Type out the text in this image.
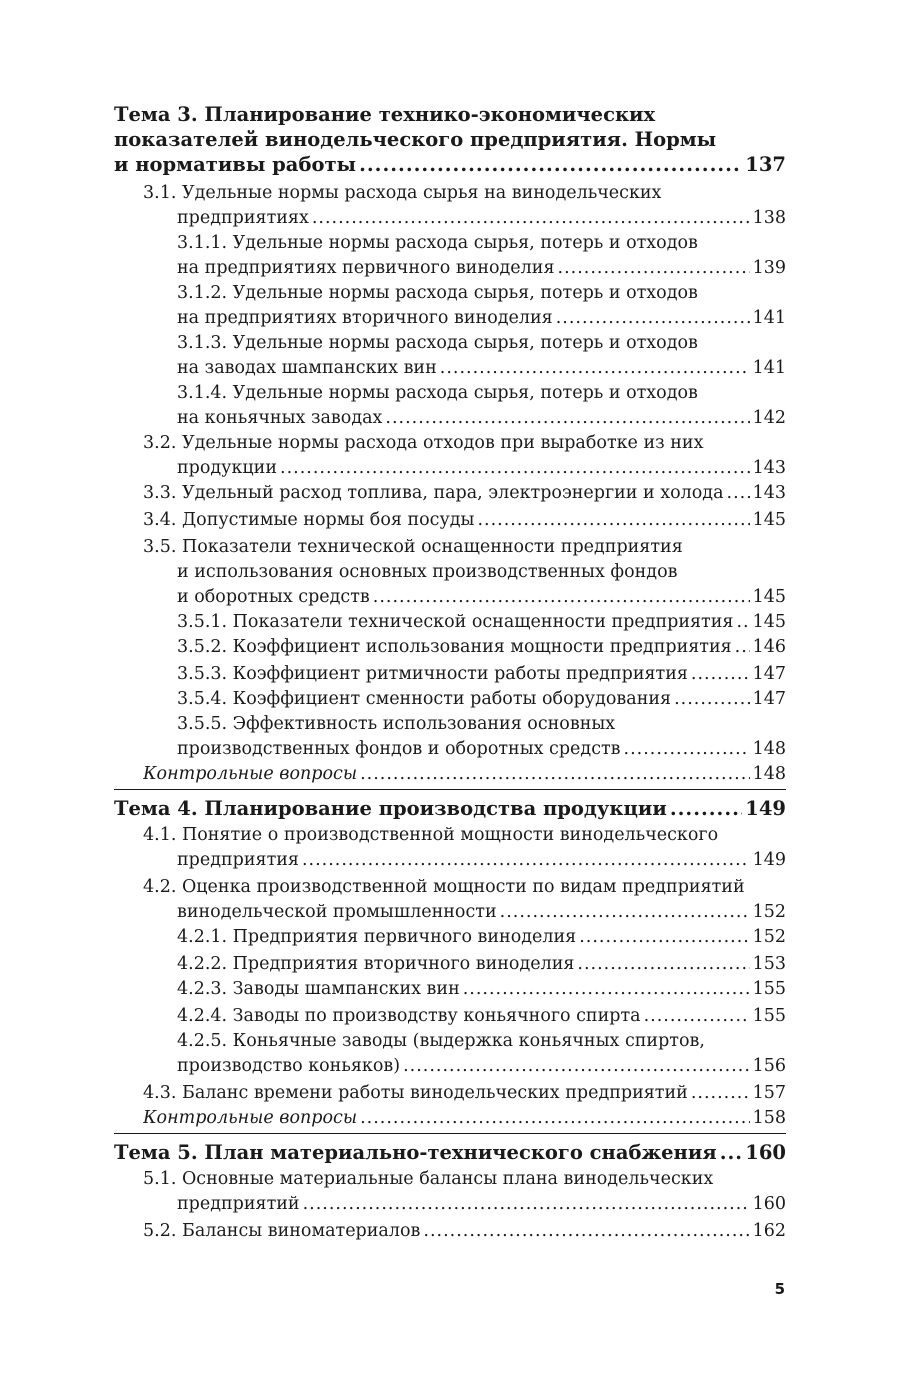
Тема 3. Планирование технико-экономических
показателей винодельческого предприятия. Нормы
и нормативы работы .....	137
3.1. Удельные нормы расхода сырья на винодельческих
предприятиях .....	138
3.1.1. Удельные нормы расхода сырья, потерь и отходов
на предприятиях первичного виноделия .....	139
3.1.2. Удельные нормы расхода сырья, потерь и отходов
на предприятиях вторичного виноделия .....	141
3.1.3. Удельные нормы расхода сырья, потерь и отходов
на заводах шампанских вин .....	141
3.1.4. Удельные нормы расхода сырья, потерь и отходов
на коньячных заводах .....	142
3.2. Удельные нормы расхода отходов при выработке из них
продукции .....	143
3.3. Удельный расход топлива, пара, электроэнергии и холода ..... 143
3.4. Допустимые нормы боя посуды .....	145
3.5. Показатели технической оснащенности предприятия
и использования основных производственных фондов
и оборотных средств .....	145
3.5.1. Показатели технической оснащенности предприятия ..... 145
3.5.2. Коэффициент использования мощности предприятия ..... 146
3.5.3. Коэффициент ритмичности работы предприятия .....	147
3.5.4. Коэффициент сменности работы оборудования .....	147
3.5.5. Эффективность использования основных
производственных фондов и оборотных средств .....	148
Контрольные вопросы .....	148
Тема 4. Планирование производства продукции .....	149
4.1. Понятие о производственной мощности винодельческого
предприятия .....	149
4.2. Оценка производственной мощности по видам предприятий
винодельческой промышленности .....	152
4.2.1. Предприятия первичного виноделия .....	152
4.2.2. Предприятия вторичного виноделия .....	153
4.2.3. Заводы шампанских вин .....	155
4.2.4. Заводы по производству коньячного спирта .....	155
4.2.5. Коньячные заводы (выдержка коньячных спиртов,
производство коньяков) .....	156
4.3. Баланс времени работы винодельческих предприятий .....	157
Контрольные вопросы .....	158
Тема 5. План материально-технического снабжения ..... 160
5.1. Основные материальные балансы плана винодельческих
предприятий .....	160
5.2. Балансы виноматериалов .....	162
5
